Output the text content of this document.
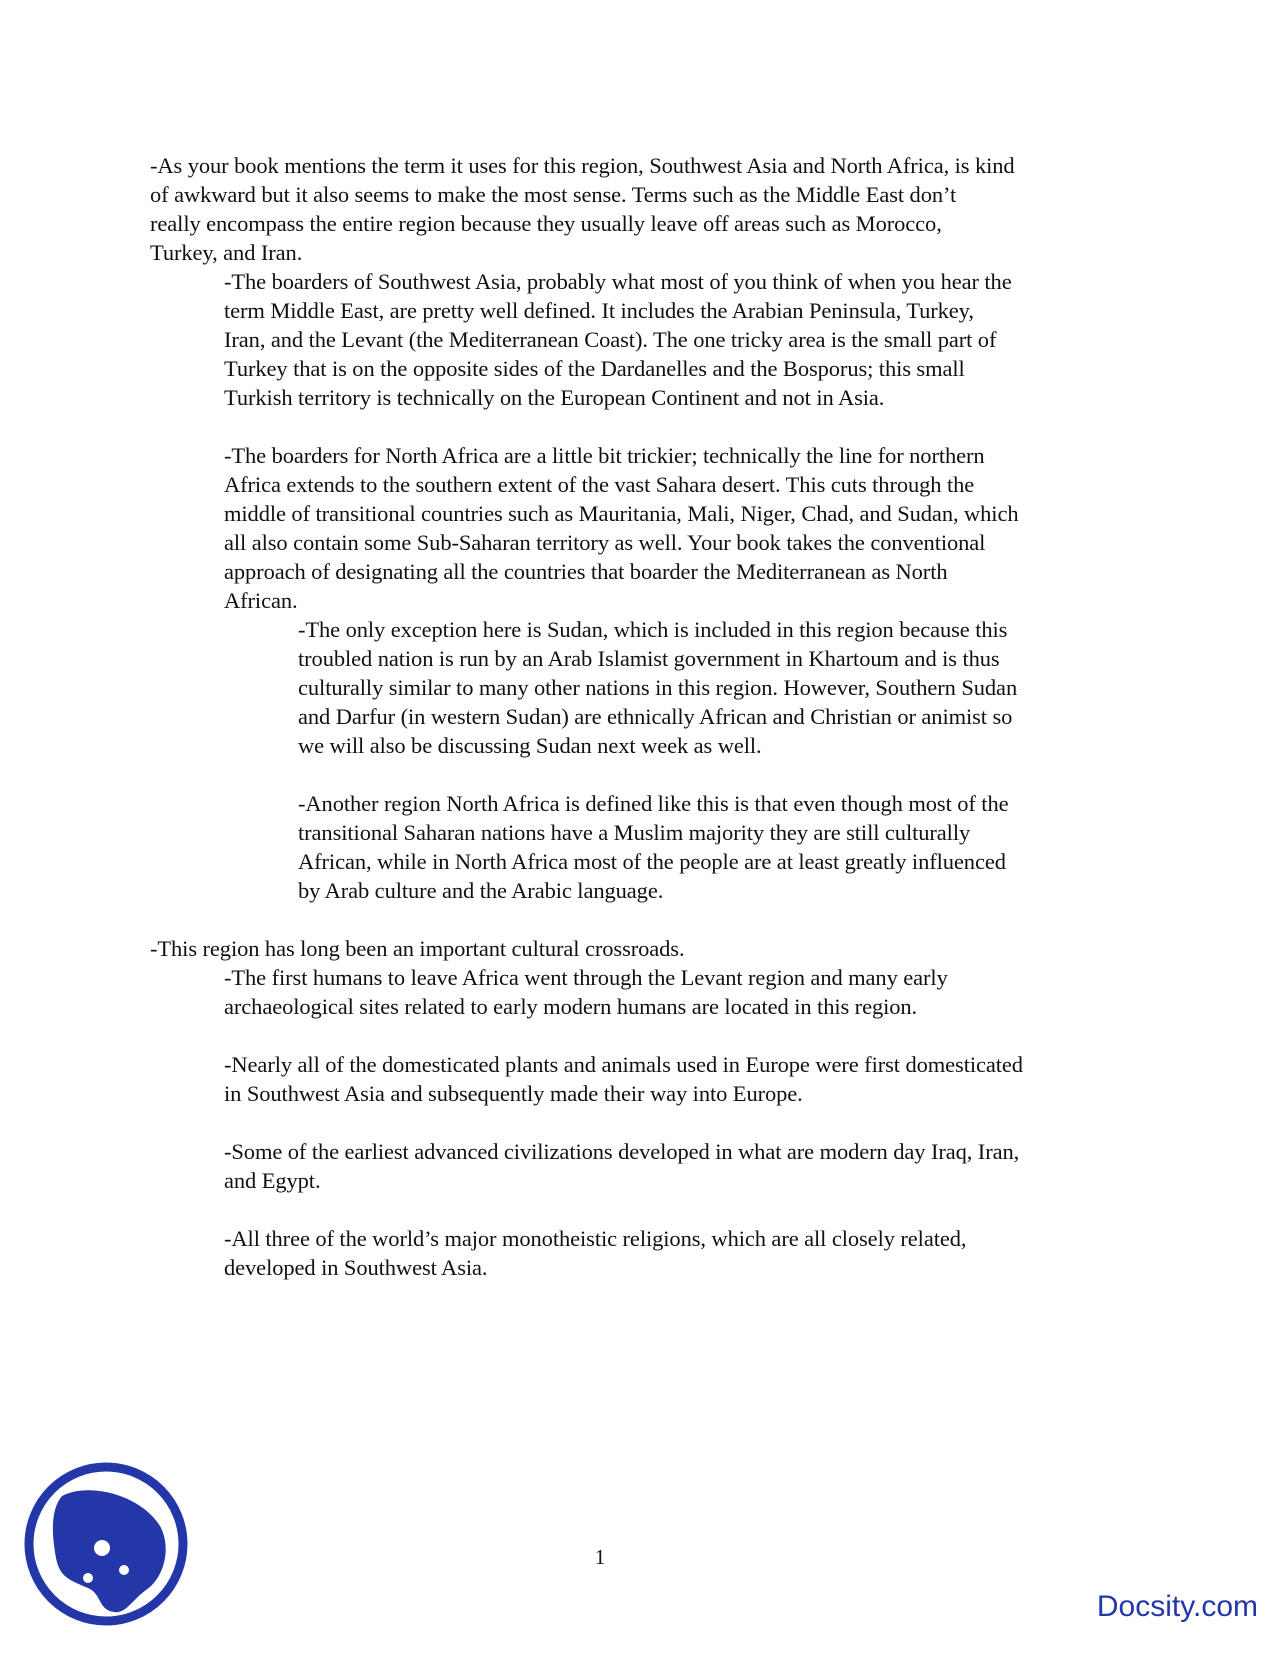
-As your book mentions the term it uses for this region, Southwest Asia and North Africa, is kind
of awkward but it also seems to make the most sense. Terms such as the Middle East don’t
really encompass the entire region because they usually leave off areas such as Morocco,
Turkey, and Iran.

-The boarders of Southwest Asia, probably what most of you think of when you hear the
term Middle East, are pretty well defined. It includes the Arabian Peninsula, Turkey,
Iran, and the Levant (the Mediterranean Coast). The one tricky area is the small part of
Turkey that is on the opposite sides of the Dardanelles and the Bosporus; this small
Turkish territory is technically on the European Continent and not in Asia.

-The boarders for North Africa are a little bit trickier; technically the line for northern
Africa extends to the southern extent of the vast Sahara desert. This cuts through the
middle of transitional countries such as Mauritania, Mali, Niger, Chad, and Sudan, which
all also contain some Sub-Saharan territory as well. Your book takes the conventional
approach of designating all the countries that boarder the Mediterranean as North
African.

-The only exception here is Sudan, which is included in this region because this
troubled nation is run by an Arab Islamist government in Khartoum and is thus
culturally similar to many other nations in this region. However, Southern Sudan
and Darfur (in western Sudan) are ethnically African and Christian or animist so
we will also be discussing Sudan next week as well.

-Another region North Africa is defined like this is that even though most of the
transitional Saharan nations have a Muslim majority they are still culturally
African, while in North Africa most of the people are at least greatly influenced
by Arab culture and the Arabic language.

-This region has long been an important cultural crossroads.

-The first humans to leave Africa went through the Levant region and many early
archaeological sites related to early modern humans are located in this region.

-Nearly all of the domesticated plants and animals used in Europe were first domesticated
in Southwest Asia and subsequently made their way into Europe.

-Some of the earliest advanced civilizations developed in what are modern day Iraq, Iran,
and Egypt.

-All three of the world’s major monotheistic religions, which are all closely related,
developed in Southwest Asia.

1
Docsity.com
